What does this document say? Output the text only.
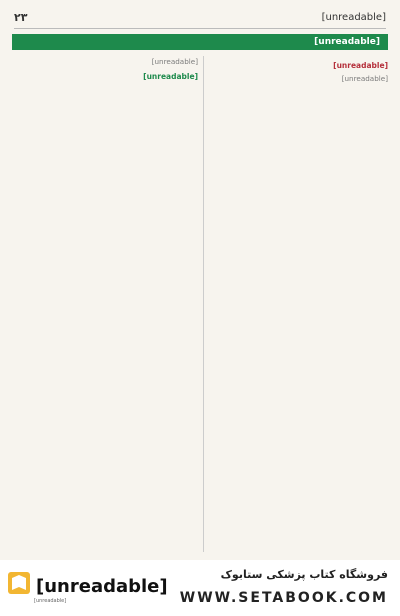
[unreadable]
۲۳
[unreadable]
[unreadable]

[unreadable]

[unreadable]

[unreadable]
[unreadable]
[unreadable]
فروشگاه کتاب پزشکی ستابوک
WWW.SETABOOK.COM
